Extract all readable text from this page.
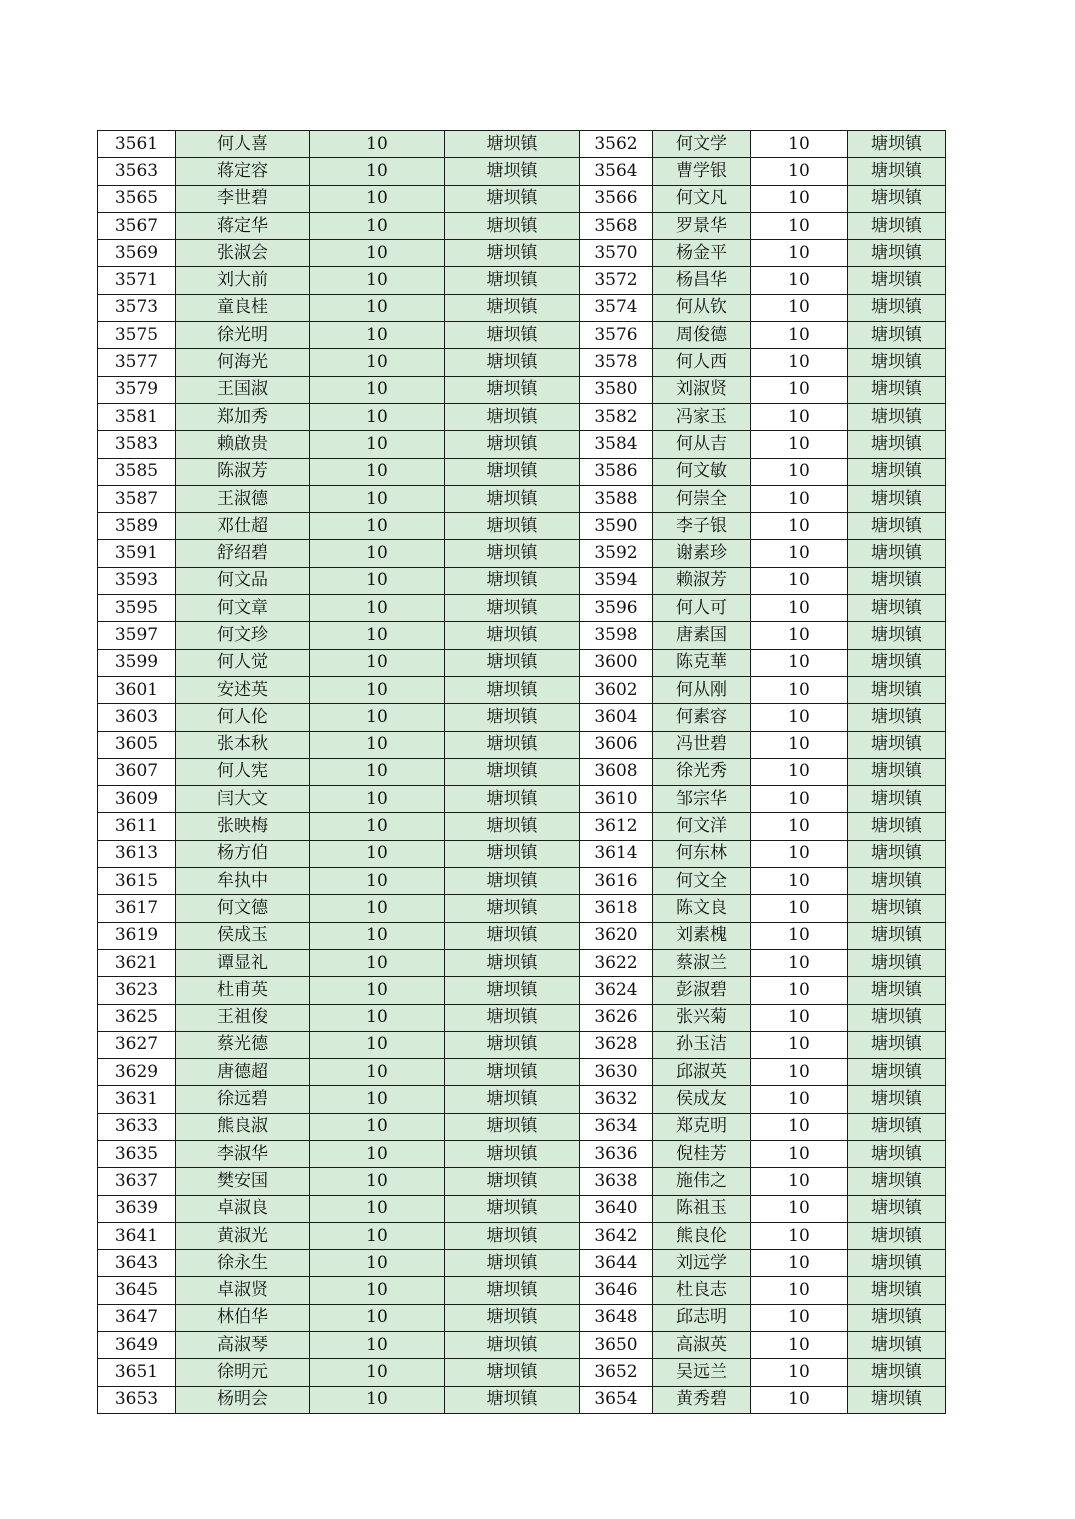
3561	何人喜	10	塘坝镇	3562	何文学	10	塘坝镇
3563	蒋定容	10	塘坝镇	3564	曹学银	10	塘坝镇
3565	李世碧	10	塘坝镇	3566	何文凡	10	塘坝镇
3567	蒋定华	10	塘坝镇	3568	罗景华	10	塘坝镇
3569	张淑会	10	塘坝镇	3570	杨金平	10	塘坝镇
3571	刘大前	10	塘坝镇	3572	杨昌华	10	塘坝镇
3573	童良桂	10	塘坝镇	3574	何从钦	10	塘坝镇
3575	徐光明	10	塘坝镇	3576	周俊德	10	塘坝镇
3577	何海光	10	塘坝镇	3578	何人西	10	塘坝镇
3579	王国淑	10	塘坝镇	3580	刘淑贤	10	塘坝镇
3581	郑加秀	10	塘坝镇	3582	冯家玉	10	塘坝镇
3583	赖啟贵	10	塘坝镇	3584	何从吉	10	塘坝镇
3585	陈淑芳	10	塘坝镇	3586	何文敏	10	塘坝镇
3587	王淑德	10	塘坝镇	3588	何崇全	10	塘坝镇
3589	邓仕超	10	塘坝镇	3590	李子银	10	塘坝镇
3591	舒绍碧	10	塘坝镇	3592	谢素珍	10	塘坝镇
3593	何文品	10	塘坝镇	3594	赖淑芳	10	塘坝镇
3595	何文章	10	塘坝镇	3596	何人可	10	塘坝镇
3597	何文珍	10	塘坝镇	3598	唐素国	10	塘坝镇
3599	何人觉	10	塘坝镇	3600	陈克華	10	塘坝镇
3601	安述英	10	塘坝镇	3602	何从刚	10	塘坝镇
3603	何人伦	10	塘坝镇	3604	何素容	10	塘坝镇
3605	张本秋	10	塘坝镇	3606	冯世碧	10	塘坝镇
3607	何人宪	10	塘坝镇	3608	徐光秀	10	塘坝镇
3609	闫大文	10	塘坝镇	3610	邹宗华	10	塘坝镇
3611	张映梅	10	塘坝镇	3612	何文洋	10	塘坝镇
3613	杨方伯	10	塘坝镇	3614	何东林	10	塘坝镇
3615	牟执中	10	塘坝镇	3616	何文全	10	塘坝镇
3617	何文德	10	塘坝镇	3618	陈文良	10	塘坝镇
3619	侯成玉	10	塘坝镇	3620	刘素槐	10	塘坝镇
3621	谭显礼	10	塘坝镇	3622	蔡淑兰	10	塘坝镇
3623	杜甫英	10	塘坝镇	3624	彭淑碧	10	塘坝镇
3625	王祖俊	10	塘坝镇	3626	张兴菊	10	塘坝镇
3627	蔡光德	10	塘坝镇	3628	孙玉洁	10	塘坝镇
3629	唐德超	10	塘坝镇	3630	邱淑英	10	塘坝镇
3631	徐远碧	10	塘坝镇	3632	侯成友	10	塘坝镇
3633	熊良淑	10	塘坝镇	3634	郑克明	10	塘坝镇
3635	李淑华	10	塘坝镇	3636	倪桂芳	10	塘坝镇
3637	樊安国	10	塘坝镇	3638	施伟之	10	塘坝镇
3639	卓淑良	10	塘坝镇	3640	陈祖玉	10	塘坝镇
3641	黄淑光	10	塘坝镇	3642	熊良伦	10	塘坝镇
3643	徐永生	10	塘坝镇	3644	刘远学	10	塘坝镇
3645	卓淑贤	10	塘坝镇	3646	杜良志	10	塘坝镇
3647	林伯华	10	塘坝镇	3648	邱志明	10	塘坝镇
3649	高淑琴	10	塘坝镇	3650	高淑英	10	塘坝镇
3651	徐明元	10	塘坝镇	3652	吴远兰	10	塘坝镇
3653	杨明会	10	塘坝镇	3654	黄秀碧	10	塘坝镇
